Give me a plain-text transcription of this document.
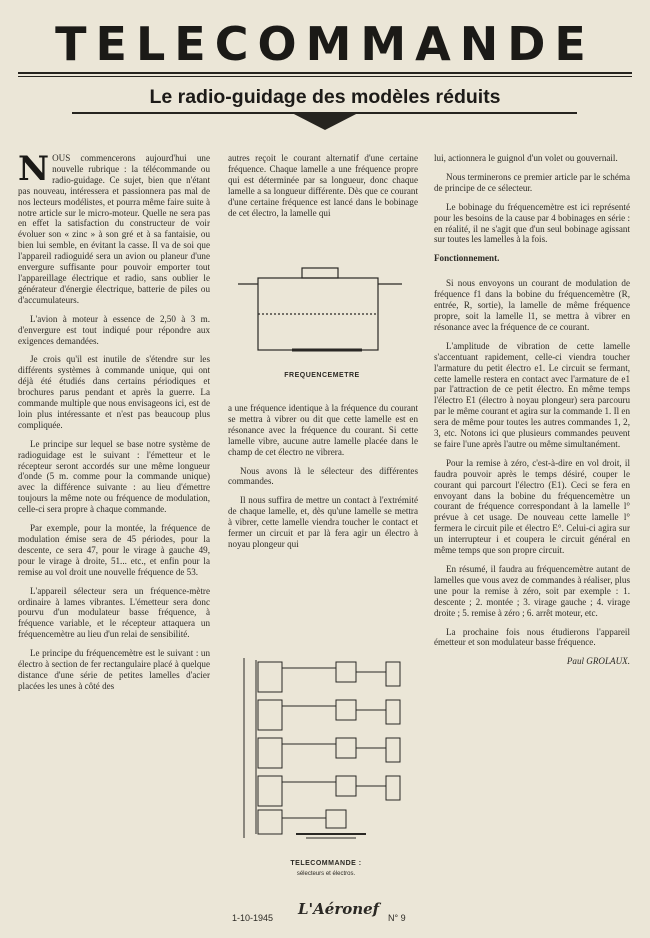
TELECOMMANDE
Le radio-guidage des modèles réduits

NOUS commencerons aujourd'hui une nouvelle rubrique : la télécommande ou radio-guidage. Ce sujet, bien que n'étant pas nouveau, intéressera et passionnera pas mal de nos lecteurs modélistes, et pourra même faire suite à notre article sur le micro-moteur. Quelle ne sera pas en effet la satisfaction du constructeur de voir évoluer son « zinc » à son gré et à sa fantaisie, ou bien lui semble, en évitant la casse. Il va de soi que l'appareil radioguidé sera un avion ou planeur d'une envergure suffisante pour pouvoir emporter tout l'appareillage électrique et radio, sans oublier le générateur d'énergie électrique, batterie de piles ou d'accumulateurs.

L'avion à moteur à essence de 2,50 à 3 m. d'envergure est tout indiqué pour répondre aux exigences demandées.

Je crois qu'il est inutile de s'étendre sur les différents systèmes à commande unique, qui ont déjà été étudiés dans certains périodiques et brochures parus pendant et après la guerre. La commande multiple que nous envisageons ici, est de loin plus intéressante et n'est pas beaucoup plus compliquée.

Le principe sur lequel se base notre système de radioguidage est le suivant : l'émetteur et le récepteur seront accordés sur une même longueur d'onde (5 m. comme pour la commande unique) avec la différence suivante : au lieu d'émettre toujours la même note ou fréquence de modulation, celle-ci sera propre à chaque commande.

Par exemple, pour la montée, la fréquence de modulation émise sera de 45 périodes, pour la descente, ce sera 47, pour le virage à gauche 49, pour le virage à droite, 51... etc., et enfin pour la remise au vol droit une nouvelle fréquence de 53.

L'appareil sélecteur sera un fréquence-mètre ordinaire à lames vibrantes. L'émetteur sera donc pourvu d'un modulateur basse fréquence, à fréquence variable, et le récepteur attaquera un fréquencemètre au lieu d'un relai de sensibilité.

Le principe du fréquencemètre est le suivant : un électro à section de fer rectangulaire placé à quelque distance d'une série de petites lamelles d'acier placées les unes à côté des

autres reçoit le courant alternatif d'une certaine fréquence. Chaque lamelle a une fréquence propre qui est déterminée par sa longueur, donc chaque lamelle a sa longueur différente. Dès que ce courant d'une certaine fréquence est lancé dans le bobinage de cet électro, la lamelle qui

FREQUENCEMETRE

a une fréquence identique à la fréquence du courant se mettra à vibrer ou dit que cette lamelle est en résonance avec la fréquence du courant. Si cette lamelle vibre, aucune autre lamelle placée dans le champ de cet électro ne vibrera.

Nous avons là le sélecteur des différentes commandes.

Il nous suffira de mettre un contact à l'extrémité de chaque lamelle, et, dès qu'une lamelle se mettra à vibrer, cette lamelle viendra toucher le contact et fermer un circuit et par là fera agir un électro à noyau plongeur qui

TELECOMMANDE :
sélecteurs et électros.

lui, actionnera le guignol d'un volet ou gouvernail.

Nous terminerons ce premier article par le schéma de principe de ce sélecteur.

Le bobinage du fréquencemètre est ici représenté pour les besoins de la cause par 4 bobinages en série : en réalité, il ne s'agit que d'un seul bobinage agissant sur toutes les lamelles à la fois.

Fonctionnement.

Si nous envoyons un courant de modulation de fréquence f1 dans la bobine du fréquencemètre (R, entrée, R, sortie), la lamelle de même fréquence propre, soit la lamelle l1, se mettra à vibrer en résonance avec la fréquence de ce courant.

L'amplitude de vibration de cette lamelle s'accentuant rapidement, celle-ci viendra toucher l'armature du petit électro e1. Le circuit se fermant, cette lamelle restera en contact avec l'armature de e1 par l'attraction de ce petit électro. En même temps l'électro E1 (électro à noyau plongeur) sera parcouru par le même courant et agira sur la commande 1. Il en sera de même pour toutes les autres commandes 1, 2, 3, etc. Notons ici que plusieurs commandes peuvent se faire l'une après l'autre ou même simultanément.

Pour la remise à zéro, c'est-à-dire en vol droit, il faudra pouvoir après le temps désiré, couper le courant qui parcourt l'électro (E1). Ceci se fera en envoyant dans la bobine du fréquencemètre un courant de fréquence correspondant à la lamelle l° prévue à cet usage. De nouveau cette lamelle l° fermera le circuit pile et électro E°. Celui-ci agira sur un interrupteur i et coupera le circuit général en même temps que son propre circuit.

En résumé, il faudra au fréquencemètre autant de lamelles que vous avez de commandes à réaliser, plus une pour la remise à zéro, soit par exemple : 1. descente ; 2. montée ; 3. virage gauche ; 4. virage droite ; 5. remise à zéro ; 6. arrêt moteur, etc.

La prochaine fois nous étudierons l'appareil émetteur et son modulateur basse fréquence.

Paul GROLAUX.

1-10-1945 L'Aéronef N° 9
